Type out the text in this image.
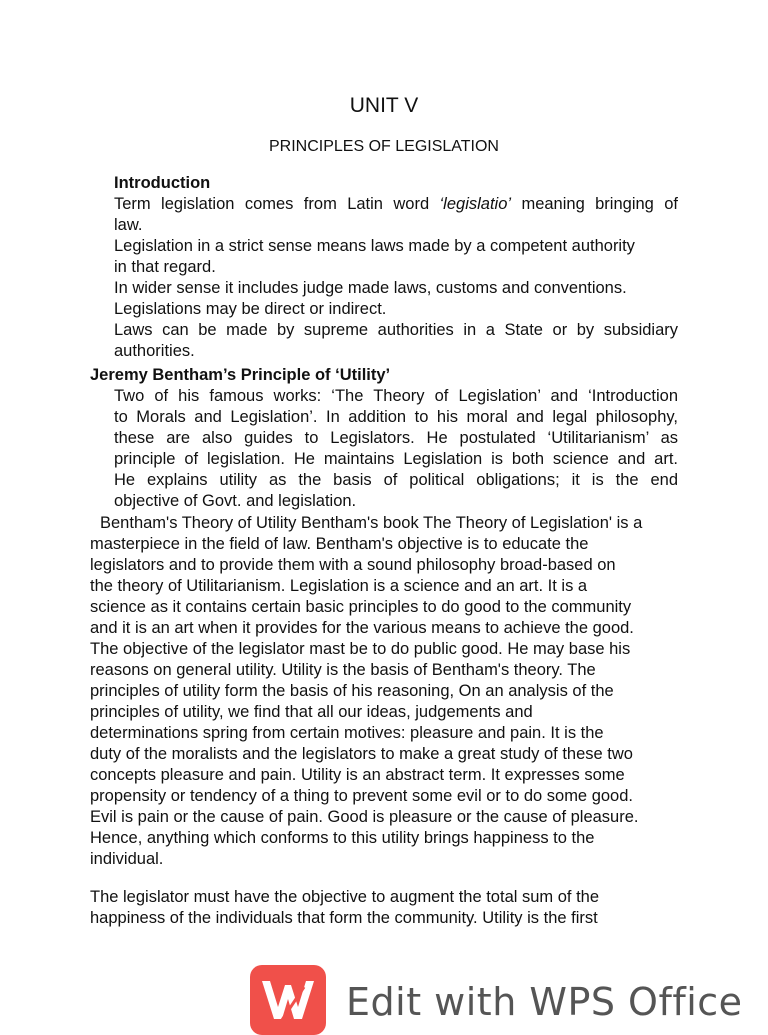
UNIT V
PRINCIPLES OF LEGISLATION
Introduction
Term legislation comes from Latin word ‘legislatio’ meaning bringing of
law.
Legislation in a strict sense means laws made by a competent authority
in that regard.
In wider sense it includes judge made laws, customs and conventions.
Legislations may be direct or indirect.
Laws can be made by supreme authorities in a State or by subsidiary
authorities.
Jeremy Bentham’s Principle of ‘Utility’
Two of his famous works: ‘The Theory of Legislation’ and ‘Introduction
to Morals and Legislation’. In addition to his moral and legal philosophy,
these are also guides to Legislators. He postulated ‘Utilitarianism’ as
principle of legislation. He maintains Legislation is both science and art.
He explains utility as the basis of political obligations; it is the end
objective of Govt. and legislation.
Bentham's Theory of Utility Bentham's book The Theory of Legislation' is a
masterpiece in the field of law. Bentham's objective is to educate the
legislators and to provide them with a sound philosophy broad-based on
the theory of Utilitarianism. Legislation is a science and an art. It is a
science as it contains certain basic principles to do good to the community
and it is an art when it provides for the various means to achieve the good.
The objective of the legislator mast be to do public good. He may base his
reasons on general utility. Utility is the basis of Bentham's theory. The
principles of utility form the basis of his reasoning, On an analysis of the
principles of utility, we find that all our ideas, judgements and
determinations spring from certain motives: pleasure and pain. It is the
duty of the moralists and the legislators to make a great study of these two
concepts pleasure and pain. Utility is an abstract term. It expresses some
propensity or tendency of a thing to prevent some evil or to do some good.
Evil is pain or the cause of pain. Good is pleasure or the cause of pleasure.
Hence, anything which conforms to this utility brings happiness to the
individual.
The legislator must have the objective to augment the total sum of the
happiness of the individuals that form the community. Utility is the first
Edit with WPS Office
